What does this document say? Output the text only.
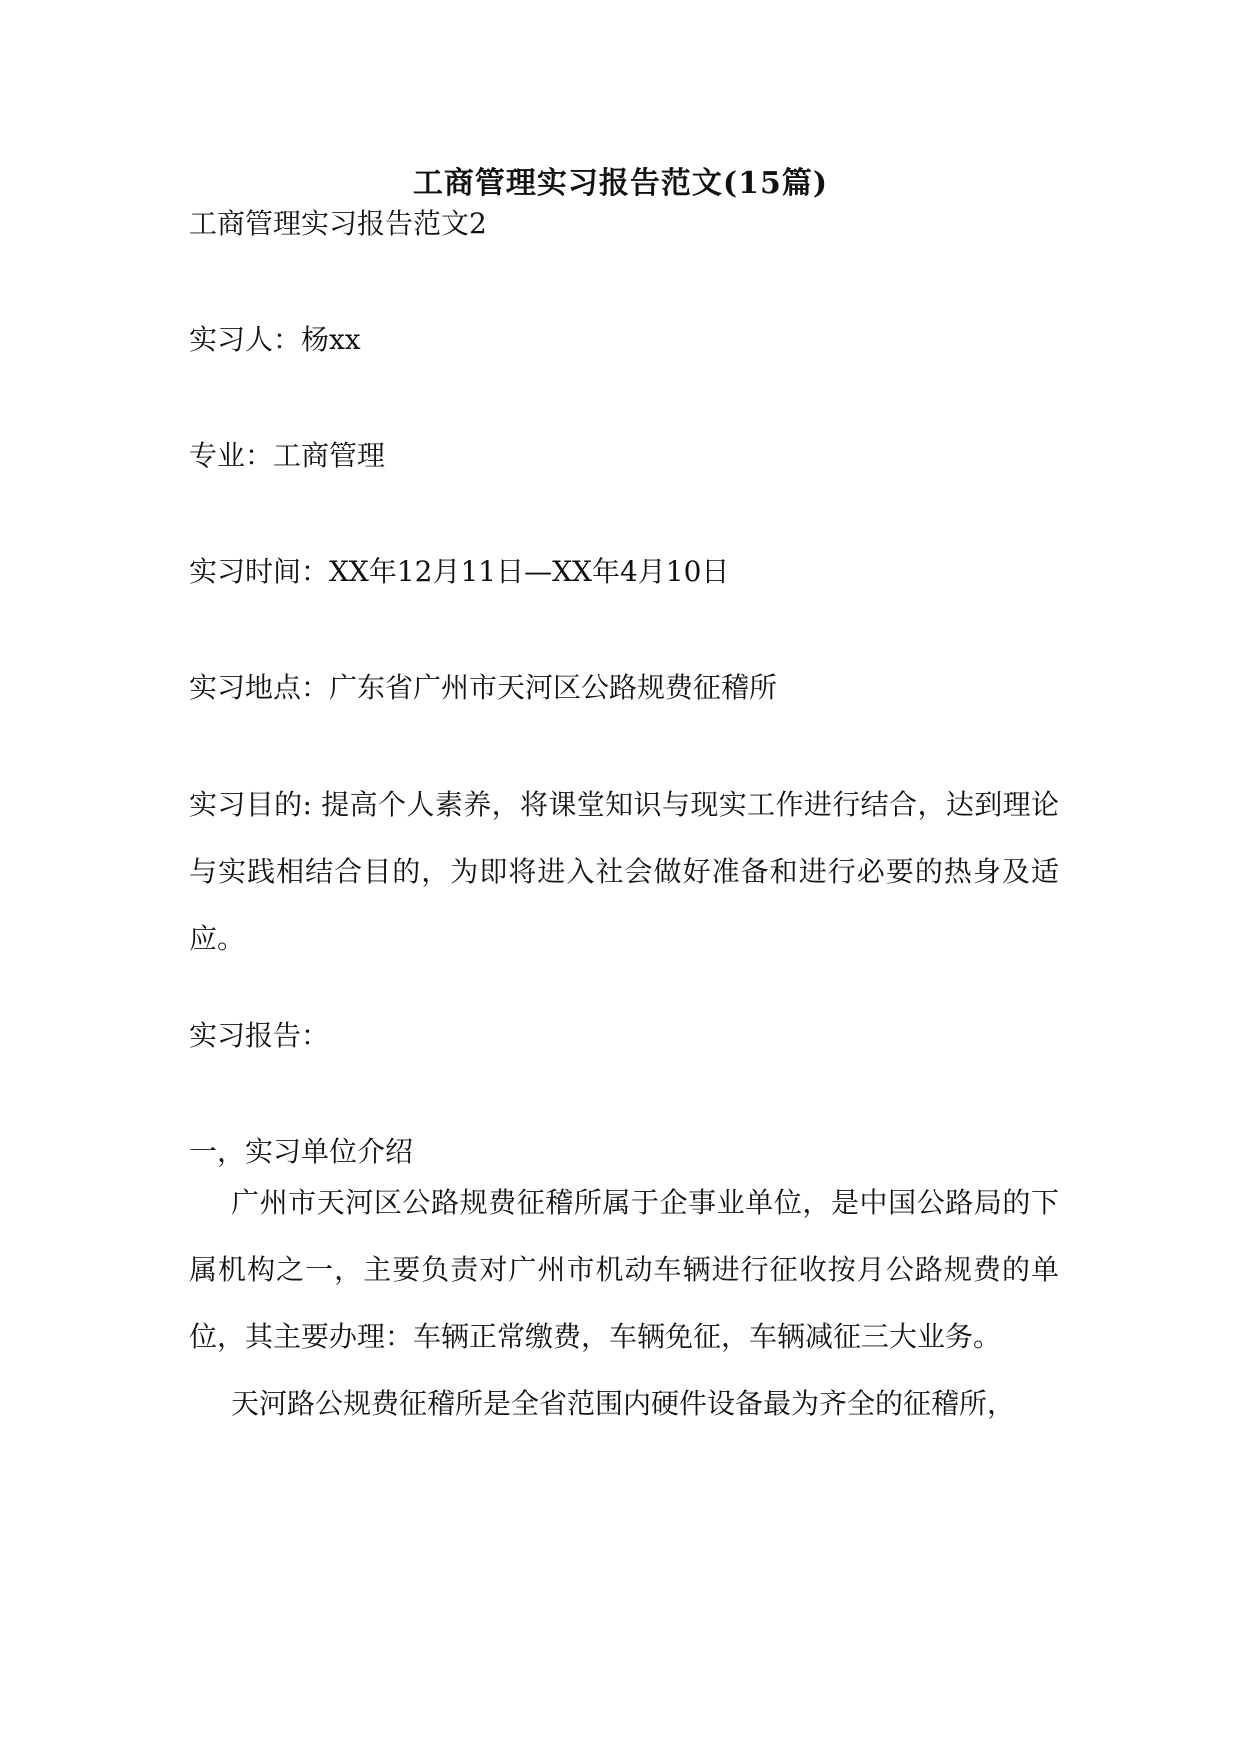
工商管理实习报告范文(15篇)
工商管理实习报告范文2
实习人：杨xx
专业：工商管理
实习时间：XX年12月11日—XX年4月10日
实习地点：广东省广州市天河区公路规费征稽所
实习目的: 提高个人素养，将课堂知识与现实工作进行结合，达到理论与实践相结合目的，为即将进入社会做好准备和进行必要的热身及适应。
实习报告：
一，实习单位介绍
广州市天河区公路规费征稽所属于企事业单位，是中国公路局的下属机构之一，主要负责对广州市机动车辆进行征收按月公路规费的单位，其主要办理：车辆正常缴费，车辆免征，车辆减征三大业务。
天河路公规费征稽所是全省范围内硬件设备最为齐全的征稽所，
